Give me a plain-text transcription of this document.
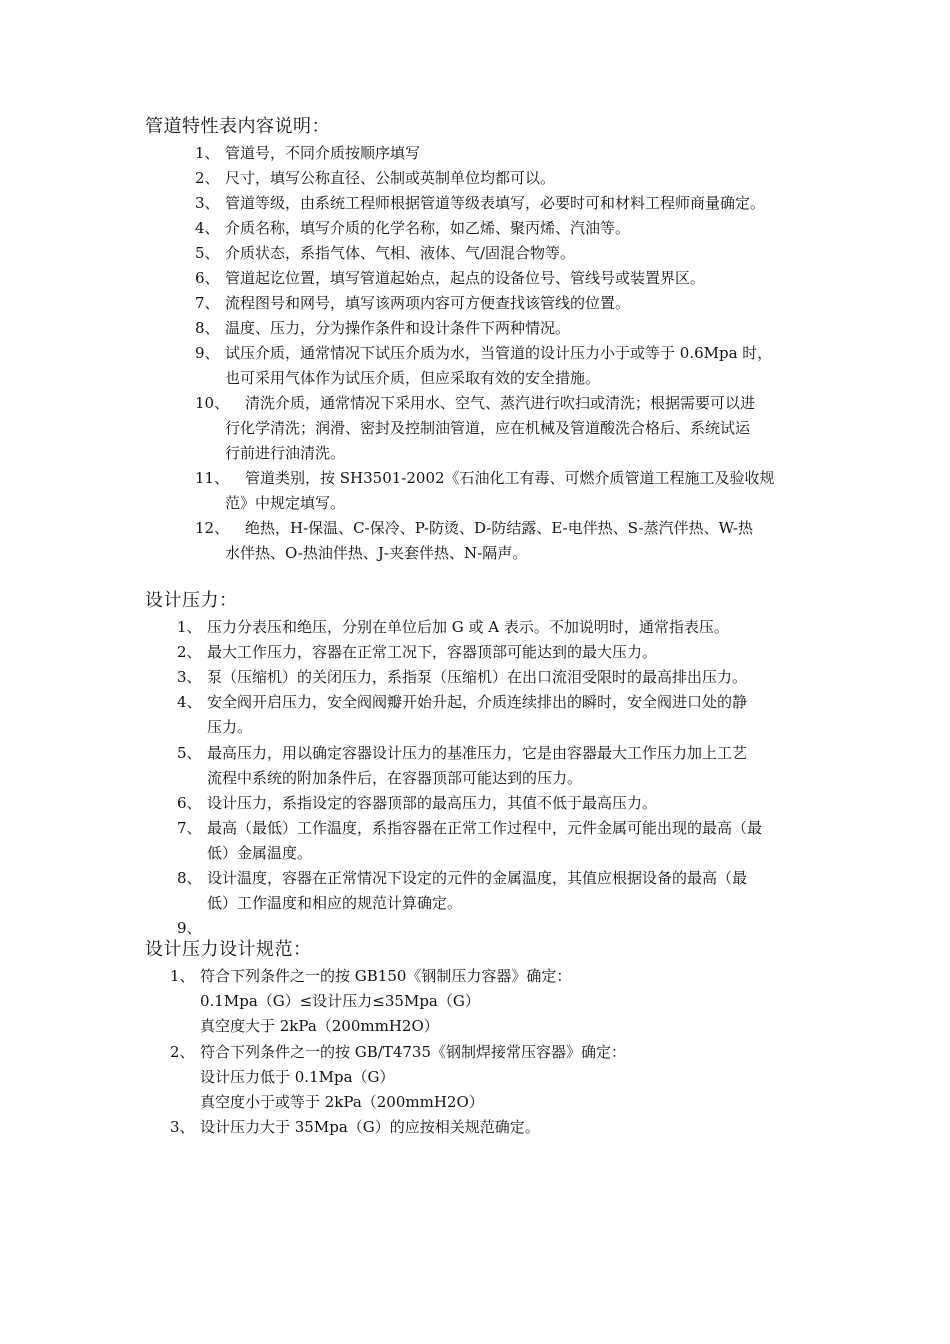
管道特性表内容说明：
1、 管道号，不同介质按顺序填写
2、 尺寸，填写公称直径、公制或英制单位均都可以。
3、 管道等级，由系统工程师根据管道等级表填写，必要时可和材料工程师商量确定。
4、 介质名称，填写介质的化学名称，如乙烯、聚丙烯、汽油等。
5、 介质状态，系指气体、气相、液体、气/固混合物等。
6、 管道起讫位置，填写管道起始点，起点的设备位号、管线号或装置界区。
7、 流程图号和网号，填写该两项内容可方便查找该管线的位置。
8、 温度、压力，分为操作条件和设计条件下两种情况。
9、 试压介质，通常情况下试压介质为水，当管道的设计压力小于或等于 0.6Mpa 时，
也可采用气体作为试压介质，但应采取有效的安全措施。
10、 清洗介质，通常情况下采用水、空气、蒸汽进行吹扫或清洗；根据需要可以进
行化学清洗；润滑、密封及控制油管道，应在机械及管道酸洗合格后、系统试运
行前进行油清洗。
11、 管道类别，按 SH3501-2002《石油化工有毒、可燃介质管道工程施工及验收规
范》中规定填写。
12、 绝热，H-保温、C-保冷、P-防烫、D-防结露、E-电伴热、S-蒸汽伴热、W-热
水伴热、O-热油伴热、J-夹套伴热、N-隔声。
设计压力：
1、 压力分表压和绝压，分别在单位后加 G 或 A 表示。不加说明时，通常指表压。
2、 最大工作压力，容器在正常工况下，容器顶部可能达到的最大压力。
3、 泵（压缩机）的关闭压力，系指泵（压缩机）在出口流泪受限时的最高排出压力。
4、 安全阀开启压力，安全阀阀瓣开始升起，介质连续排出的瞬时，安全阀进口处的静
压力。
5、 最高压力，用以确定容器设计压力的基准压力，它是由容器最大工作压力加上工艺
流程中系统的附加条件后，在容器顶部可能达到的压力。
6、 设计压力，系指设定的容器顶部的最高压力，其值不低于最高压力。
7、 最高（最低）工作温度，系指容器在正常工作过程中，元件金属可能出现的最高（最
低）金属温度。
8、 设计温度，容器在正常情况下设定的元件的金属温度，其值应根据设备的最高（最
低）工作温度和相应的规范计算确定。
9、
设计压力设计规范：
1、 符合下列条件之一的按 GB150《钢制压力容器》确定：
0.1Mpa（G）≤设计压力≤35Mpa（G）
真空度大于 2kPa（200mmH2O）
2、 符合下列条件之一的按 GB/T4735《钢制焊接常压容器》确定：
设计压力低于 0.1Mpa（G）
真空度小于或等于 2kPa（200mmH2O）
3、 设计压力大于 35Mpa（G）的应按相关规范确定。
